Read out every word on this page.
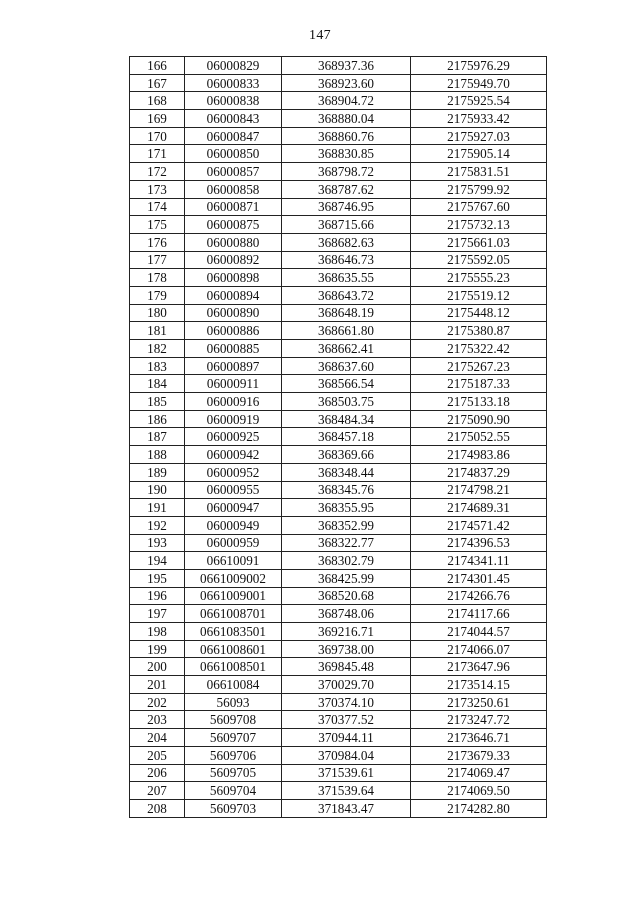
147
166	06000829	368937.36	2175976.29
167	06000833	368923.60	2175949.70
168	06000838	368904.72	2175925.54
169	06000843	368880.04	2175933.42
170	06000847	368860.76	2175927.03
171	06000850	368830.85	2175905.14
172	06000857	368798.72	2175831.51
173	06000858	368787.62	2175799.92
174	06000871	368746.95	2175767.60
175	06000875	368715.66	2175732.13
176	06000880	368682.63	2175661.03
177	06000892	368646.73	2175592.05
178	06000898	368635.55	2175555.23
179	06000894	368643.72	2175519.12
180	06000890	368648.19	2175448.12
181	06000886	368661.80	2175380.87
182	06000885	368662.41	2175322.42
183	06000897	368637.60	2175267.23
184	06000911	368566.54	2175187.33
185	06000916	368503.75	2175133.18
186	06000919	368484.34	2175090.90
187	06000925	368457.18	2175052.55
188	06000942	368369.66	2174983.86
189	06000952	368348.44	2174837.29
190	06000955	368345.76	2174798.21
191	06000947	368355.95	2174689.31
192	06000949	368352.99	2174571.42
193	06000959	368322.77	2174396.53
194	06610091	368302.79	2174341.11
195	0661009002	368425.99	2174301.45
196	0661009001	368520.68	2174266.76
197	0661008701	368748.06	2174117.66
198	0661083501	369216.71	2174044.57
199	0661008601	369738.00	2174066.07
200	0661008501	369845.48	2173647.96
201	06610084	370029.70	2173514.15
202	56093	370374.10	2173250.61
203	5609708	370377.52	2173247.72
204	5609707	370944.11	2173646.71
205	5609706	370984.04	2173679.33
206	5609705	371539.61	2174069.47
207	5609704	371539.64	2174069.50
208	5609703	371843.47	2174282.80
